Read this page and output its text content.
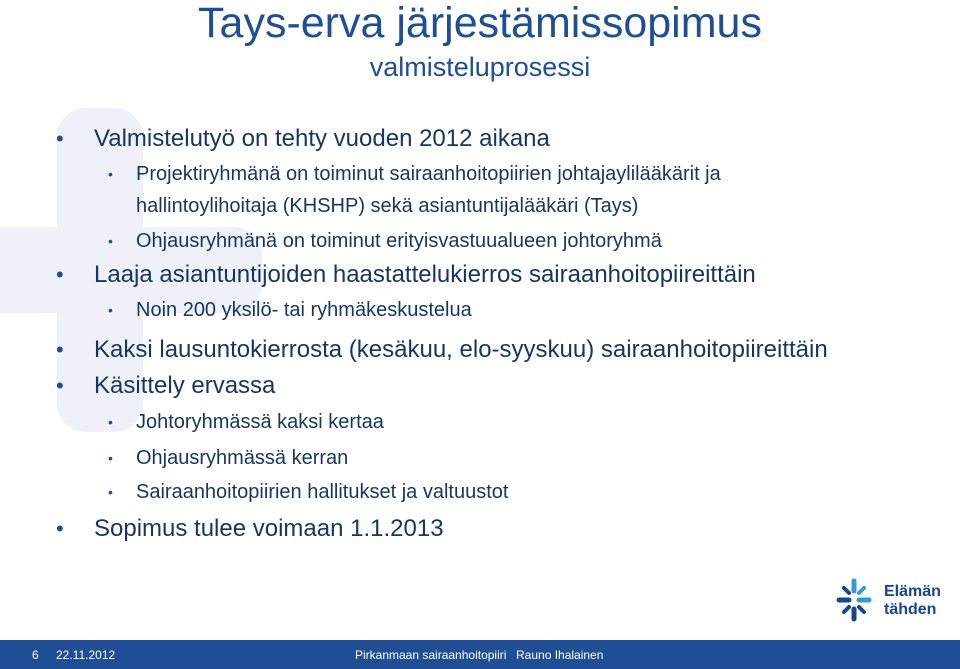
Tays-erva järjestämissopimus
valmisteluprosessi
• Valmistelutyö on tehty vuoden 2012 aikana
• Projektiryhmänä on toiminut sairaanhoitopiirien johtajaylilääkärit ja
hallintoylihoitaja (KHSHP) sekä asiantuntijalääkäri (Tays)
• Ohjausryhmänä on toiminut erityisvastuualueen johtoryhmä
• Laaja asiantuntijoiden haastattelukierros sairaanhoitopiireittäin
• Noin 200 yksilö- tai ryhmäkeskustelua
• Kaksi lausuntokierrosta (kesäkuu, elo-syyskuu) sairaanhoitopiireittäin
• Käsittely ervassa
• Johtoryhmässä kaksi kertaa
• Ohjausryhmässä kerran
• Sairaanhoitopiirien hallitukset ja valtuustot
• Sopimus tulee voimaan 1.1.2013
Elämän
tähden
6 22.11.2012	Pirkanmaan sairaanhoitopiiri Rauno Ihalainen
